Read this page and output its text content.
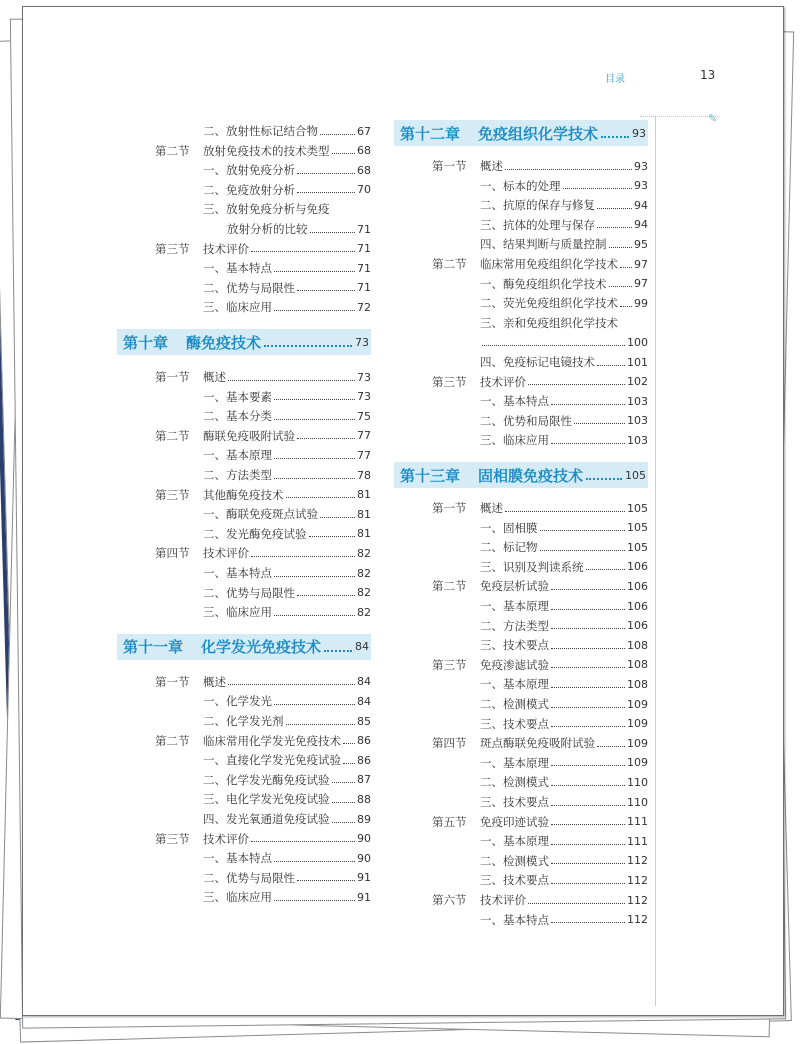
目录	13
✎
二、放射性标记结合物	67
第二节	放射免疫技术的技术类型	68
一、放射免疫分析	68
二、免疫放射分析	70
三、放射免疫分析与免疫
放射分析的比较	71
第三节	技术评价	71
一、基本特点	71
二、优势与局限性	71
三、临床应用	72
第十章 酶免疫技术	73
第一节	概述	73
一、基本要素	73
二、基本分类	75
第二节	酶联免疫吸附试验	77
一、基本原理	77
二、方法类型	78
第三节	其他酶免疫技术	81
一、酶联免疫斑点试验	81
二、发光酶免疫试验	81
第四节	技术评价	82
一、基本特点	82
二、优势与局限性	82
三、临床应用	82
第十一章 化学发光免疫技术	84
第一节	概述	84
一、化学发光	84
二、化学发光剂	85
第二节	临床常用化学发光免疫技术 86
一、直接化学发光免疫试验 86
二、化学发光酶免疫试验	87
三、电化学发光免疫试验	88
四、发光氧通道免疫试验	89
第三节	技术评价	90
一、基本特点	90
二、优势与局限性	91
三、临床应用	91
第十二章 免疫组织化学技术	93
第一节	概述	93
一、标本的处理	93
二、抗原的保存与修复	94
三、抗体的处理与保存	94
四、结果判断与质量控制	95
第二节	临床常用免疫组织化学技术 97
一、酶免疫组织化学技术	97
二、荧光免疫组织化学技术 99
三、亲和免疫组织化学技术
100
四、免疫标记电镜技术	101
第三节	技术评价	102
一、基本特点	103
二、优势和局限性	103
三、临床应用	103
第十三章 固相膜免疫技术	105
第一节	概述	105
一、固相膜	105
二、标记物	105
三、识别及判读系统	106
第二节	免疫层析试验	106
一、基本原理	106
二、方法类型	106
三、技术要点	108
第三节	免疫渗滤试验	108
一、基本原理	108
二、检测模式	109
三、技术要点	109
第四节	斑点酶联免疫吸附试验	109
一、基本原理	109
二、检测模式	110
三、技术要点	110
第五节	免疫印迹试验	111
一、基本原理	111
二、检测模式	112
三、技术要点	112
第六节	技术评价	112
一、基本特点	112
